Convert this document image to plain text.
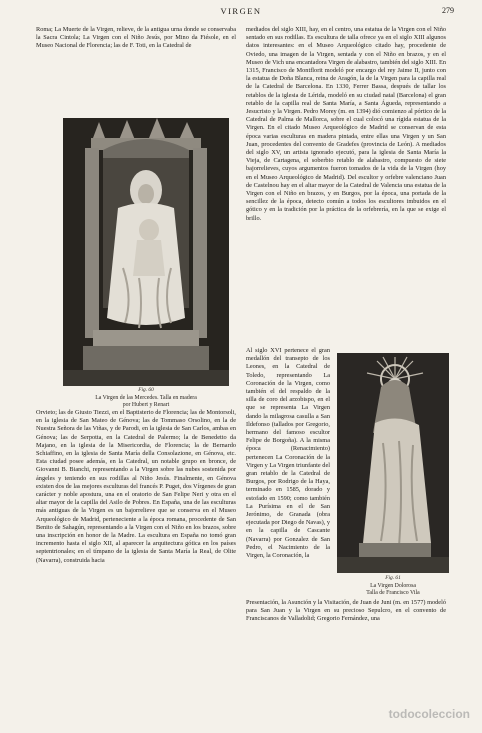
VIRGEN	279

Roma; La Muerte de la Virgen, relieve, de la antigua urna donde se conservaba la Sacra Cintola; La Virgen con el Niño Jesús, por Mino da Fiésole, en el Museo Nacional de Florencia; las de F. Toti, en la Catedral de

Fig. 60
La Virgen de las Mercedes. Talla en madera
por Hubert y Renart

Orvieto; las de Giusto Tiezzi, en el Baptisterio de Florencia; las de Montorsoli, en la iglesia de San Mateo de Génova; las de Tommaso Orsolino, en la de Nuestra Señora de las Viñas, y de Parodi, en la iglesia de San Carlos, ambas en Génova; las de Serpotta, en la Catedral de Palermo; la de Benedetto da Majano, en la iglesia de la Misericordia, de Florencia; la de Bernardo Schiaffino, en la iglesia de Santa María della Consolazione, en Génova, etc. Esta ciudad posee además, en la Catedral, un notable grupo en bronce, de Giovanni B. Bianchi, representando a la Virgen sobre las nubes sostenida por ángeles y teniendo en sus rodillas al Niño Jesús. Finalmente, en Génova existen dos de las mejores esculturas del francés P. Puget, dos Vírgenes de gran carácter y noble apostura, una en el oratorio de San Felipe Neri y otra en el altar mayor de la capilla del Asilo de Pobres. En España, una de las esculturas más antiguas de la Virgen es un bajorrelieve que se conserva en el Museo Arqueológico de Madrid, perteneciente a la época romana, procedente de San Benito de Sahagún, representando a la Virgen con el Niño en los brazos, sobre una inscripción en honor de la Madre. La escultura en España no tomó gran incremento hasta el siglo XII, al aparecer la arquitectura gótica en los países septentrionales; en el tímpano de la iglesia de Santa María la Real, de Olite (Navarra), construida hacia

mediados del siglo XIII, hay, en el centro, una estatua de la Virgen con el Niño sentado en sus rodillas. Es escultura de talla ofrece ya en el siglo XIII algunos datos interesantes: en el Museo Arqueológico citado hay, procedente de Oviedo, una imagen de la Virgen, sentada y con el Niño en brazos, y en el Museo de Vich una encantadora Virgen de alabastro, también del siglo XIII. En 1315, Francisco de Montflorit modeló por encargo del rey Jaime II, junto con la estatua de Doña Blanca, reina de Aragón, la de la Virgen para la capilla real de la Catedral de Barcelona. En 1330, Ferrer Bassa, después de tallar los retablos de la iglesia de Lérida, modeló en su ciudad natal (Barcelona) el gran retablo de la capilla real de Santa María, a Santa Águeda, representando a Jesucristo y la Virgen. Pedro Morey (m. en 1394) dió comienzo al pórtico de la Catedral de Palma de Mallorca, sobre el cual colocó una rígida estatua de la Virgen. En el citado Museo Arqueológico de Madrid se conservan de esta época varias esculturas en madera pintada, entre ellas una Virgen y un San Juan, procedentes del convento de Gradefes (provincia de León). A mediados del siglo XV, un artista ignorado ejecutó, para la iglesia de Santa María la Vieja, de Cartagena, el soberbio retablo de alabastro, compuesto de siete bajorrelieves, cuyos argumentos fueron tomados de la vida de la Virgen (hoy en el Museo Arqueológico de Madrid). Del escultor y orfebre valenciano Juan de Castelnou hay en el altar mayor de la Catedral de Valencia una estatua de la Virgen con el Niño en brazos, y en Burgos, por la época, una portada de la sencillez de la época, detecto común a todos los escultores imbuidos en el gótico y en la tradición por la práctica de la orfebrería, en la que se exige el brillo.

Al siglo XVI pertenece el gran medallón del transepto de los Leones, en la Catedral de Toledo, representando La Coronación de la Virgen, como también el del respaldo de la silla de coro del arzobispo, en el que se representa La Virgen dando la milagrosa casulla a San Ildefonso (tallados por Gregorio, hermano del famoso escultor Felipe de Borgoña). A la misma época (Renacimiento) pertenecen La Coronación de la Virgen y La Virgen triunfante del gran retablo de la Catedral de Burgos, por Rodrigo de la Haya, terminado en 1585, dorado y estofado en 1590; como también La Purísima en el de San Jerónimo, de Granada (obra ejecutada por Diego de Navas), y en la capilla de Cascante (Navarra) por Gonzalez de San Pedro, el Nacimiento de la Virgen, la Coronación, la

Fig. 61
La Virgen Dolorosa
Talla de Francisco Vila

Presentación, la Asunción y la Visitación, de Juan de Juni (m. en 1577) modeló para San Juan y la Virgen en su precioso Sepulcro, en el convento de Franciscanos de Valladolid; Gregorio Fernández, una

todocoleccion
